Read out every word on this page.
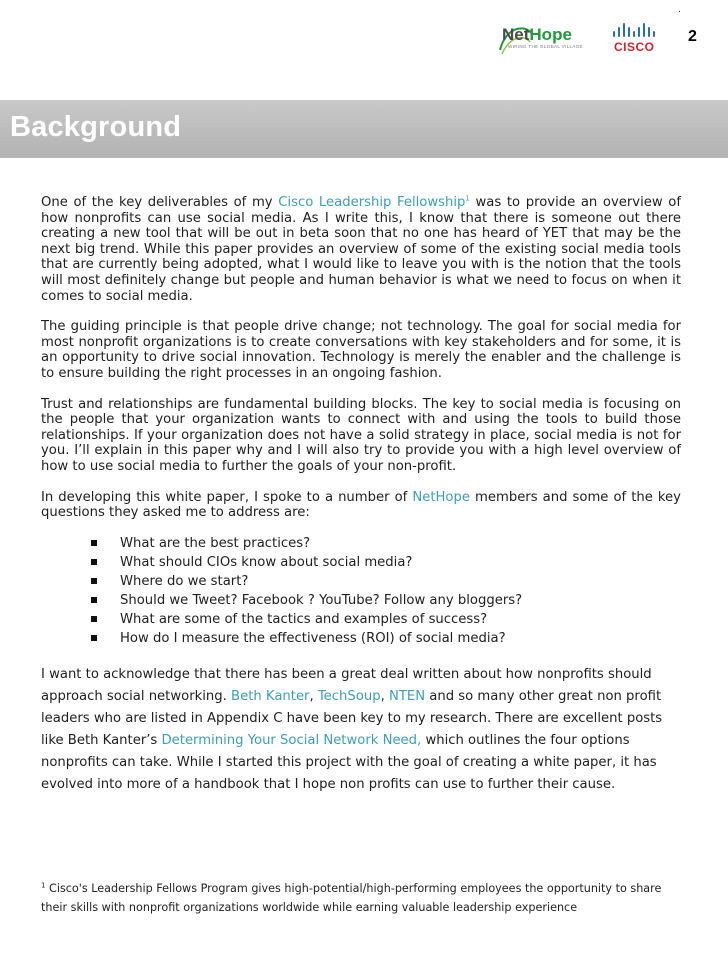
NetHope
WIRING THE GLOBAL VILLAGE	CISCO
.
2
Background

One of the key deliverables of my Cisco Leadership Fellowship$^1$ was to provide an overview of how nonprofits can use social media. As I write this, I know that there is someone out there creating a new tool that will be out in beta soon that no one has heard of YET that may be the next big trend. While this paper provides an overview of some of the existing social media tools that are currently being adopted, what I would like to leave you with is the notion that the tools will most definitely change but people and human behavior is what we need to focus on when it comes to social media.

The guiding principle is that people drive change; not technology. The goal for social media for most nonprofit organizations is to create conversations with key stakeholders and for some, it is an opportunity to drive social innovation. Technology is merely the enabler and the challenge is to ensure building the right processes in an ongoing fashion.

Trust and relationships are fundamental building blocks. The key to social media is focusing on the people that your organization wants to connect with and using the tools to build those relationships. If your organization does not have a solid strategy in place, social media is not for you. I’ll explain in this paper why and I will also try to provide you with a high level overview of how to use social media to further the goals of your non-profit.

In developing this white paper, I spoke to a number of NetHope members and some of the key questions they asked me to address are:

What are the best practices?
What should CIOs know about social media?
Where do we start?
Should we Tweet? Facebook ? YouTube? Follow any bloggers?
What are some of the tactics and examples of success?
How do I measure the effectiveness (ROI) of social media?

I want to acknowledge that there has been a great deal written about how nonprofits should approach social networking. Beth Kanter, TechSoup, NTEN and so many other great non profit leaders who are listed in Appendix C have been key to my research. There are excellent posts like Beth Kanter’s Determining Your Social Network Need, which outlines the four options nonprofits can take. While I started this project with the goal of creating a white paper, it has evolved into more of a handbook that I hope non profits can use to further their cause.

$^1$ Cisco's Leadership Fellows Program gives high-potential/high-performing employees the opportunity to share their skills with nonprofit organizations worldwide while earning valuable leadership experience
